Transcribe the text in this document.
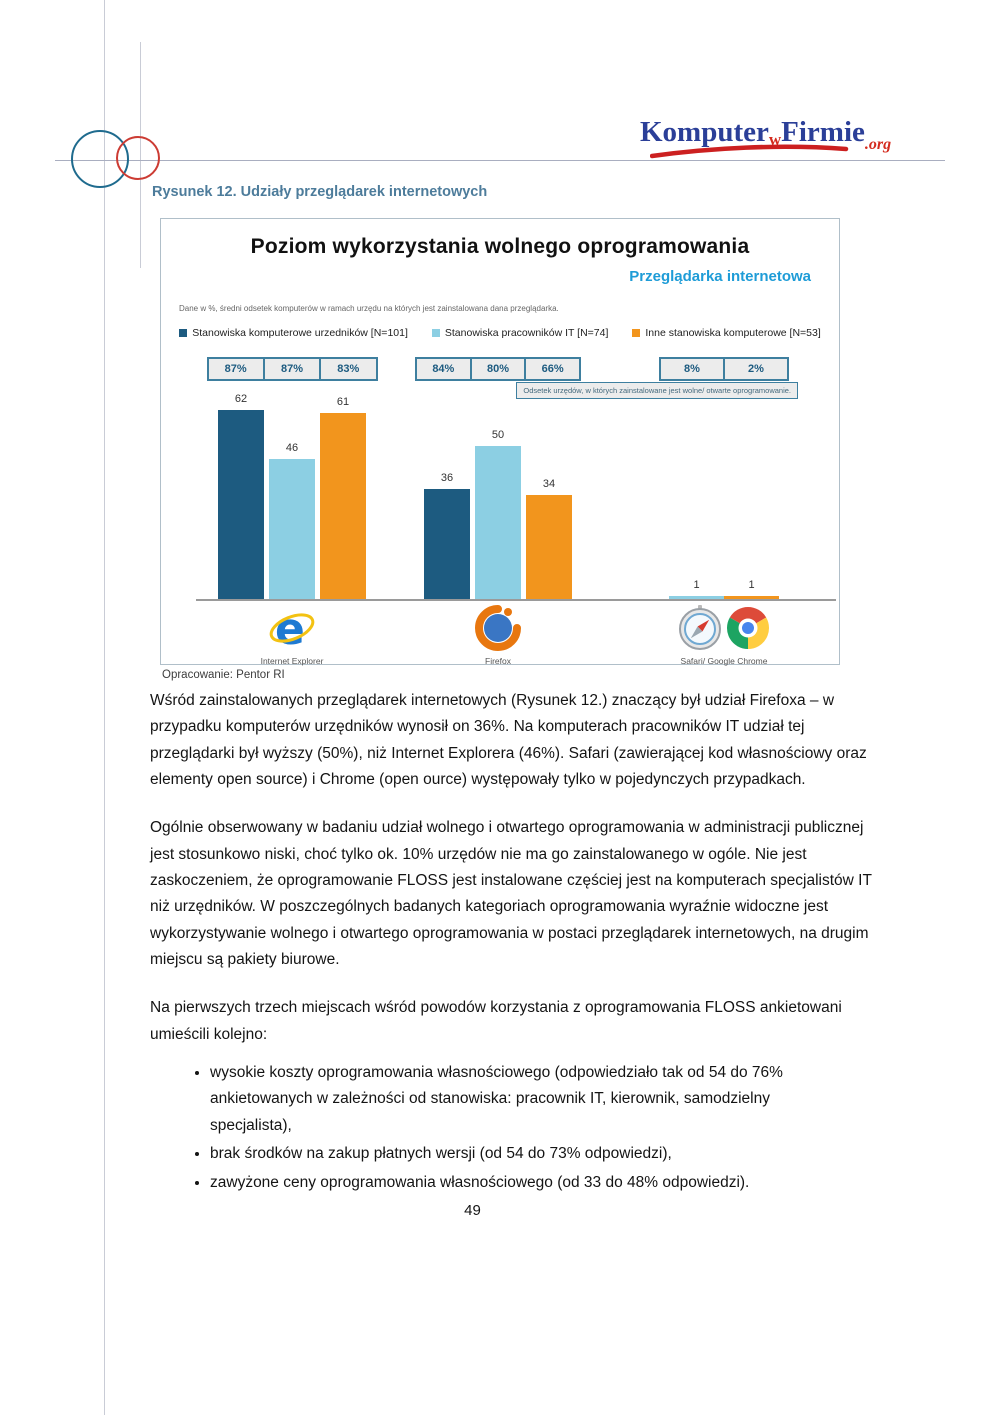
KomputerwFirmie.org
Rysunek 12. Udziały przeglądarek internetowych
Poziom wykorzystania wolnego oprogramowania
Przeglądarka internetowa
Dane w %, średni odsetek komputerów w ramach urzędu na których jest zainstalowana dana przeglądarka.
Stanowiska komputerowe urzedników [N=101]	Stanowiska pracowników IT [N=74]	Inne stanowiska komputerowe [N=53]
Odsetek urzędów, w których zainstalowane jest wolne/ otwarte oprogramowanie.
87%	87%	83%
62
46
61
e
Internet Explorer
84%	80%	66%
36
50
34
Firefox
8%	2%
1	1
Safari/ Google Chrome
Opracowanie: Pentor RI

Wśród zainstalowanych przeglądarek internetowych (Rysunek 12.) znaczący był udział Firefoxa – w przypadku komputerów urzędników wynosił on 36%. Na komputerach pracowników IT udział tej przeglądarki był wyższy (50%), niż Internet Explorera (46%). Safari (zawierającej kod własnościowy oraz elementy open source) i Chrome (open ource) występowały tylko w pojedynczych przypadkach.

Ogólnie obserwowany w badaniu udział wolnego i otwartego oprogramowania w administracji publicznej jest stosunkowo niski, choć tylko ok. 10% urzędów nie ma go zainstalowanego w ogóle. Nie jest zaskoczeniem, że oprogramowanie FLOSS jest instalowane częściej jest na komputerach specjalistów IT niż urzędników. W poszczególnych badanych kategoriach oprogramowania wyraźnie widoczne jest wykorzystywanie wolnego i otwartego oprogramowania w postaci przeglądarek internetowych, na drugim miejscu są pakiety biurowe.

Na pierwszych trzech miejscach wśród powodów korzystania z oprogramowania FLOSS ankietowani umieścili kolejno:

• wysokie koszty oprogramowania własnościowego (odpowiedziało tak od 54 do 76% ankietowanych w zależności od stanowiska: pracownik IT, kierownik, samodzielny specjalista),
• brak środków na zakup płatnych wersji (od 54 do 73% odpowiedzi),
• zawyżone ceny oprogramowania własnościowego (od 33 do 48% odpowiedzi).
49
